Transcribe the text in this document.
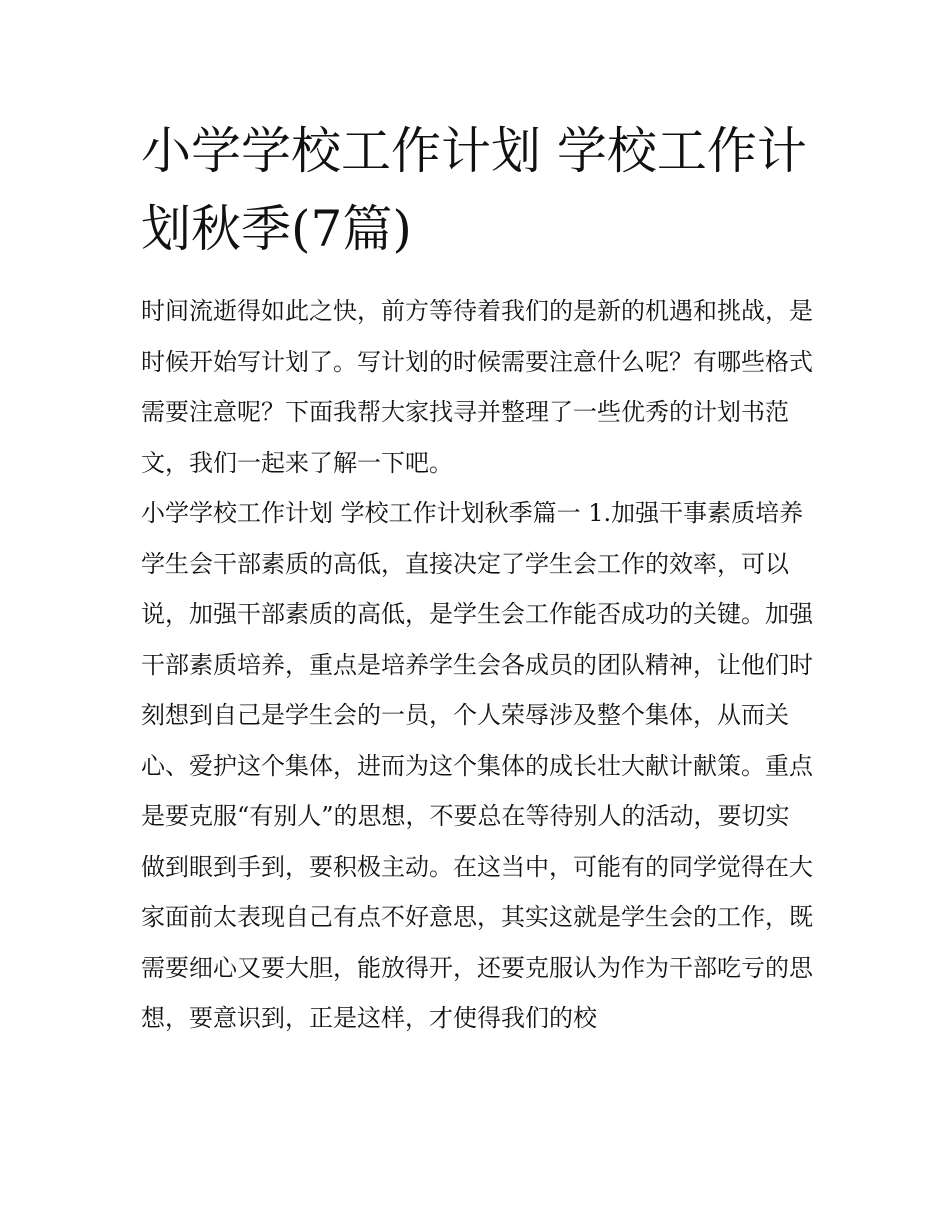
小学学校工作计划 学校工作计划秋季(7篇)

时间流逝得如此之快，前方等待着我们的是新的机遇和挑战，是时候开始写计划了。写计划的时候需要注意什么呢？有哪些格式需要注意呢？下面我帮大家找寻并整理了一些优秀的计划书范文，我们一起来了解一下吧。

小学学校工作计划 学校工作计划秋季篇一 1.加强干事素质培养

学生会干部素质的高低，直接决定了学生会工作的效率，可以说，加强干部素质的高低，是学生会工作能否成功的关键。加强干部素质培养，重点是培养学生会各成员的团队精神，让他们时刻想到自己是学生会的一员，个人荣辱涉及整个集体，从而关心、爱护这个集体，进而为这个集体的成长壮大献计献策。重点是要克服“有别人”的思想，不要总在等待别人的活动，要切实做到眼到手到，要积极主动。在这当中，可能有的同学觉得在大家面前太表现自己有点不好意思，其实这就是学生会的工作，既需要细心又要大胆，能放得开，还要克服认为作为干部吃亏的思想，要意识到，正是这样，才使得我们的校
